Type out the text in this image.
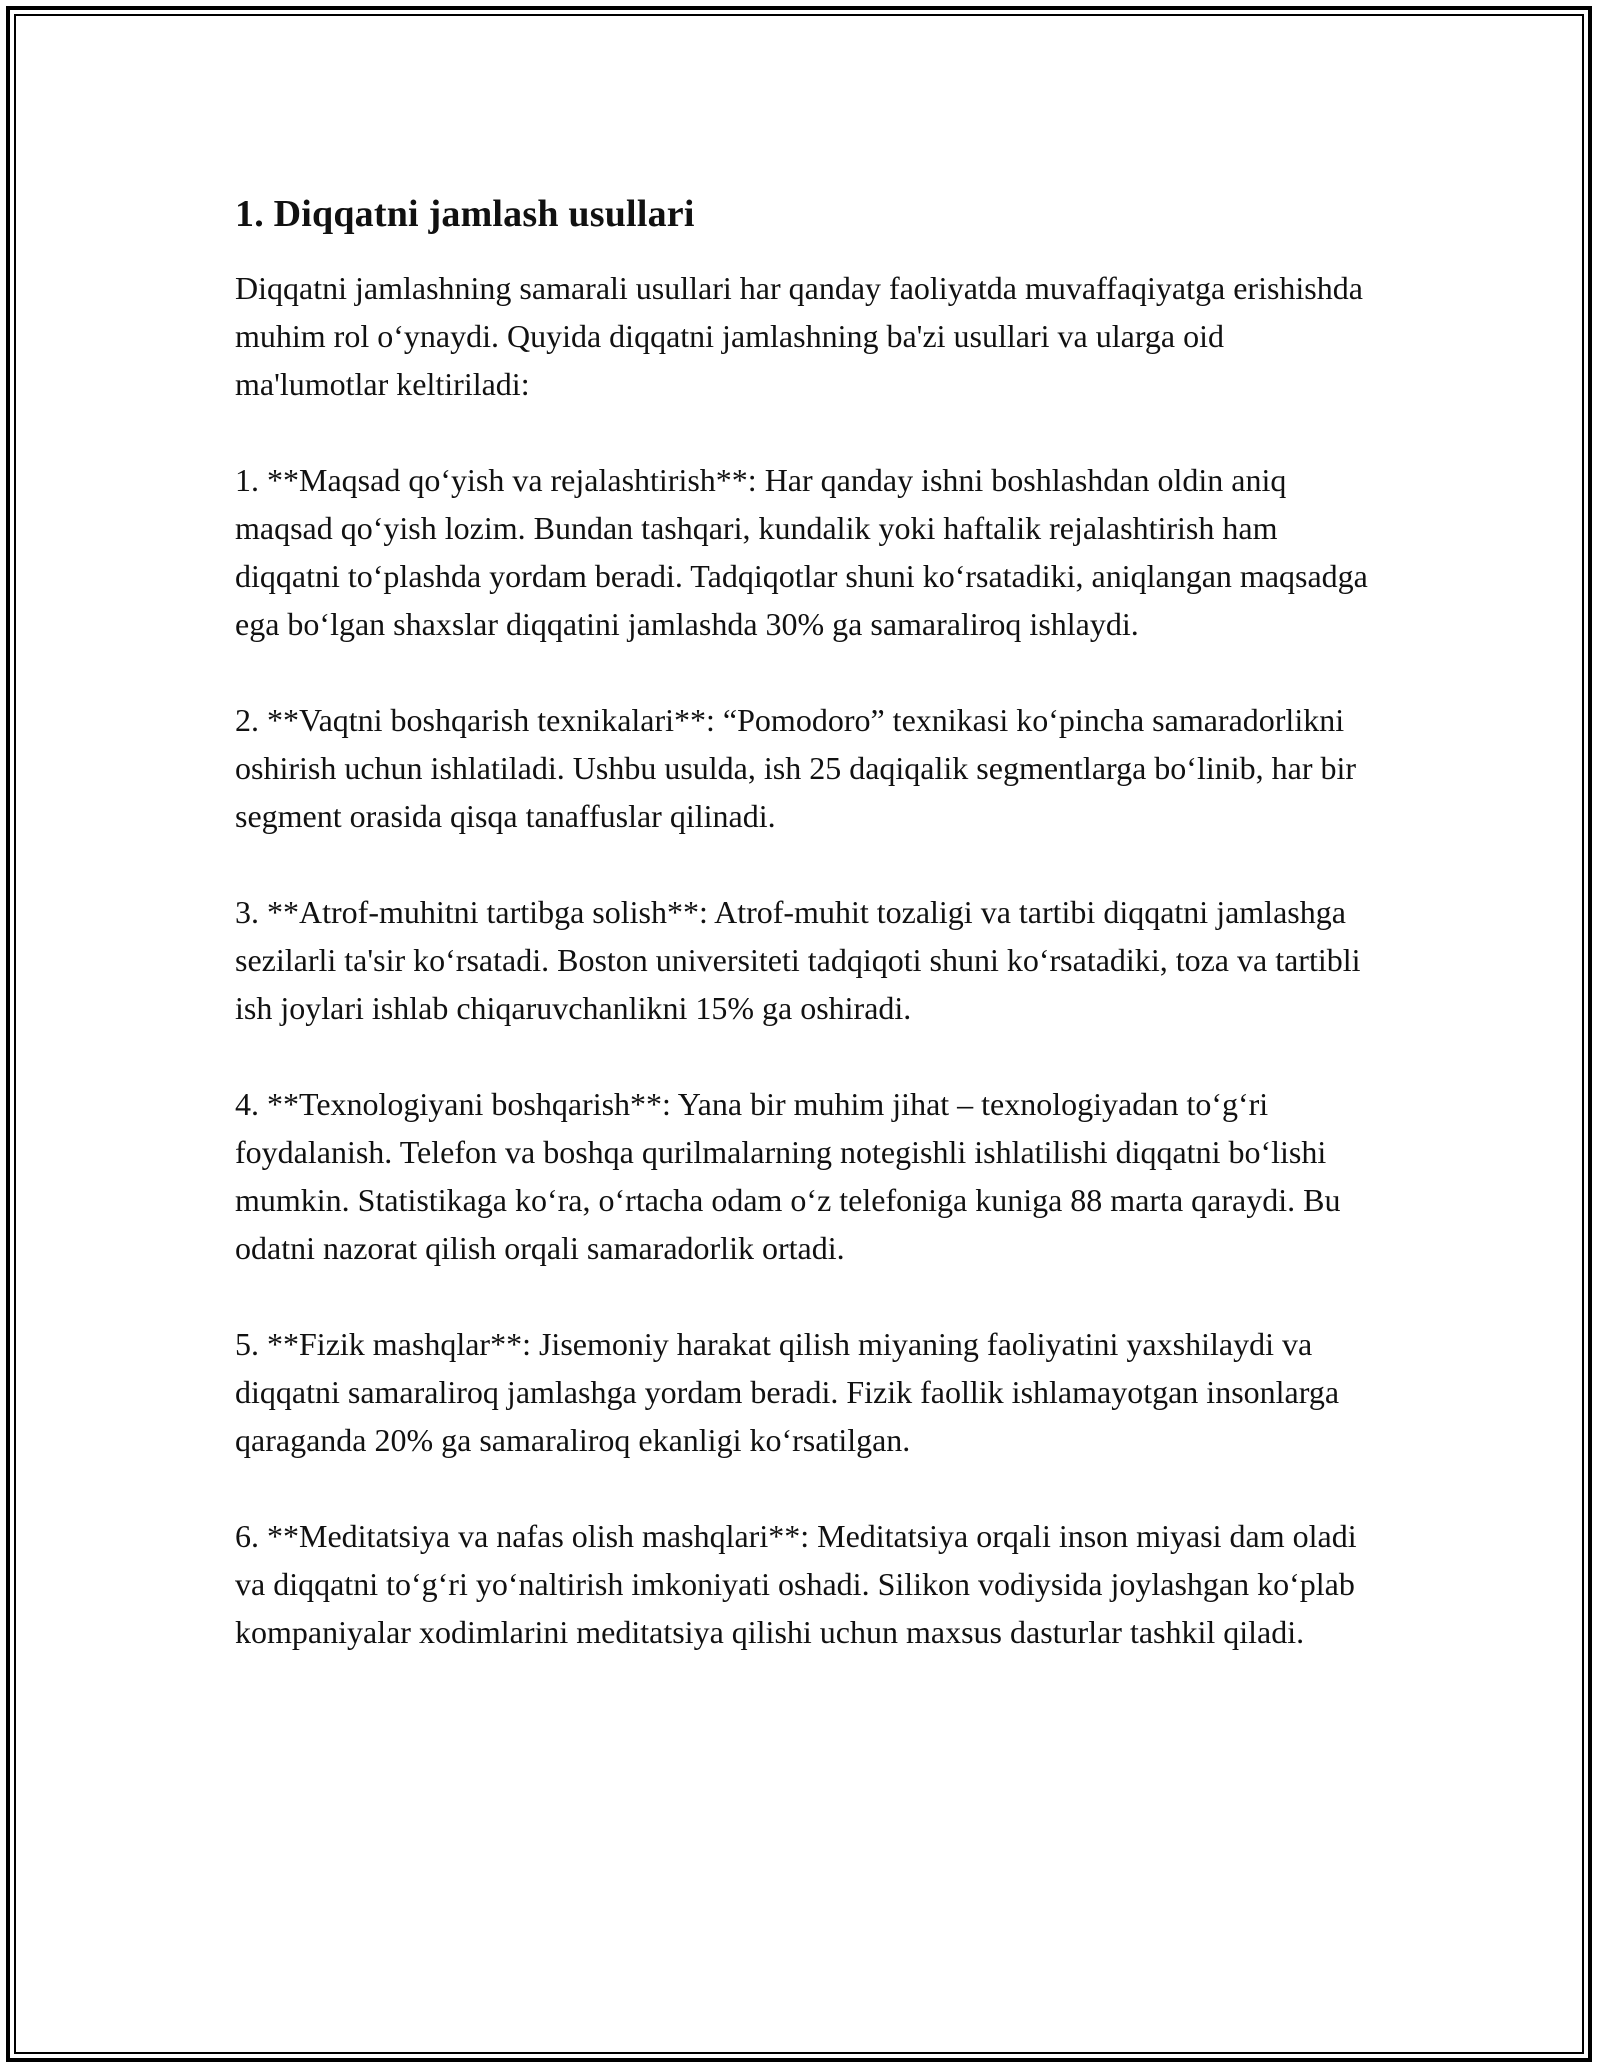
1. Diqqatni jamlash usullari

Diqqatni jamlashning samarali usullari har qanday faoliyatda muvaffaqiyatga erishishda muhim rol o‘ynaydi. Quyida diqqatni jamlashning ba'zi usullari va ularga oid ma'lumotlar keltiriladi:

1. **Maqsad qo‘yish va rejalashtirish**: Har qanday ishni boshlashdan oldin aniq maqsad qo‘yish lozim. Bundan tashqari, kundalik yoki haftalik rejalashtirish ham diqqatni to‘plashda yordam beradi. Tadqiqotlar shuni ko‘rsatadiki, aniqlangan maqsadga ega bo‘lgan shaxslar diqqatini jamlashda 30% ga samaraliroq ishlaydi.

2. **Vaqtni boshqarish texnikalari**: “Pomodoro” texnikasi ko‘pincha samaradorlikni oshirish uchun ishlatiladi. Ushbu usulda, ish 25 daqiqalik segmentlarga bo‘linib, har bir segment orasida qisqa tanaffuslar qilinadi.

3. **Atrof-muhitni tartibga solish**: Atrof-muhit tozaligi va tartibi diqqatni jamlashga sezilarli ta'sir ko‘rsatadi. Boston universiteti tadqiqoti shuni ko‘rsatadiki, toza va tartibli ish joylari ishlab chiqaruvchanlikni 15% ga oshiradi.

4. **Texnologiyani boshqarish**: Yana bir muhim jihat – texnologiyadan to‘g‘ri foydalanish. Telefon va boshqa qurilmalarning notegishli ishlatilishi diqqatni bo‘lishi mumkin. Statistikaga ko‘ra, o‘rtacha odam o‘z telefoniga kuniga 88 marta qaraydi. Bu odatni nazorat qilish orqali samaradorlik ortadi.

5. **Fizik mashqlar**: Jisemoniy harakat qilish miyaning faoliyatini yaxshilaydi va diqqatni samaraliroq jamlashga yordam beradi. Fizik faollik ishlamayotgan insonlarga qaraganda 20% ga samaraliroq ekanligi ko‘rsatilgan.

6. **Meditatsiya va nafas olish mashqlari**: Meditatsiya orqali inson miyasi dam oladi va diqqatni to‘g‘ri yo‘naltirish imkoniyati oshadi. Silikon vodiysida joylashgan ko‘plab kompaniyalar xodimlarini meditatsiya qilishi uchun maxsus dasturlar tashkil qiladi.
